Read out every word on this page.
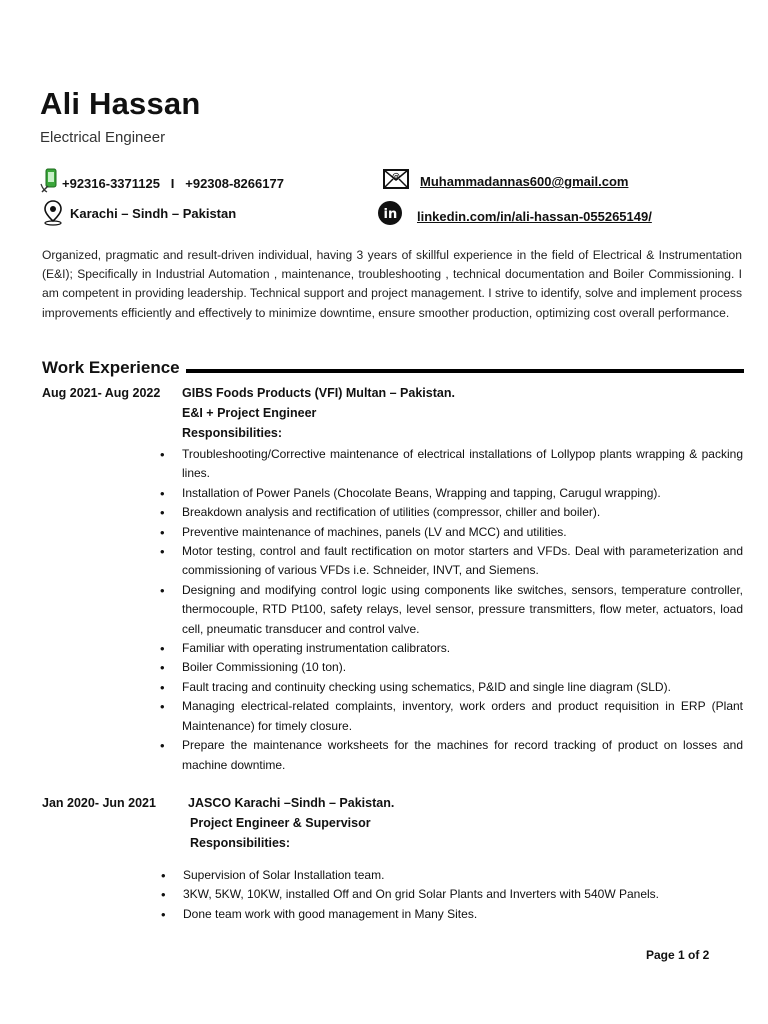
Ali Hassan
Electrical Engineer
+92316-3371125   I   +92308-8266177	@ Muhammadannas600@gmail.com
Karachi – Sindh – Pakistan	in linkedin.com/in/ali-hassan-055265149/
Organized, pragmatic and result-driven individual, having 3 years of skillful experience in the field of Electrical & Instrumentation (E&I); Specifically in Industrial Automation , maintenance, troubleshooting , technical documentation and Boiler Commissioning. I am competent in providing leadership. Technical support and project management. I strive to identify, solve and implement process improvements efficiently and effectively to minimize downtime, ensure smoother production, optimizing cost overall performance.
Work Experience
Aug 2021- Aug 2022 GIBS Foods Products (VFI) Multan – Pakistan.
E&I + Project Engineer
Responsibilities:
• Troubleshooting/Corrective maintenance of electrical installations of Lollypop plants wrapping & packing lines.
• Installation of Power Panels (Chocolate Beans, Wrapping and tapping, Carugul wrapping).
• Breakdown analysis and rectification of utilities (compressor, chiller and boiler).
• Preventive maintenance of machines, panels (LV and MCC) and utilities.
• Motor testing, control and fault rectification on motor starters and VFDs. Deal with parameterization and commissioning of various VFDs i.e. Schneider, INVT, and Siemens.
• Designing and modifying control logic using components like switches, sensors, temperature controller, thermocouple, RTD Pt100, safety relays, level sensor, pressure transmitters, flow meter, actuators, load cell, pneumatic transducer and control valve.
• Familiar with operating instrumentation calibrators.
• Boiler Commissioning (10 ton).
• Fault tracing and continuity checking using schematics, P&ID and single line diagram (SLD).
• Managing electrical-related complaints, inventory, work orders and product requisition in ERP (Plant Maintenance) for timely closure.
• Prepare the maintenance worksheets for the machines for record tracking of product on losses and machine downtime.
Jan 2020- Jun 2021	JASCO Karachi –Sindh – Pakistan.
Project Engineer & Supervisor
Responsibilities:
• Supervision of Solar Installation team.
• 3KW, 5KW, 10KW, installed Off and On grid Solar Plants and Inverters with 540W Panels.
• Done team work with good management in Many Sites.
Page 1 of 2
